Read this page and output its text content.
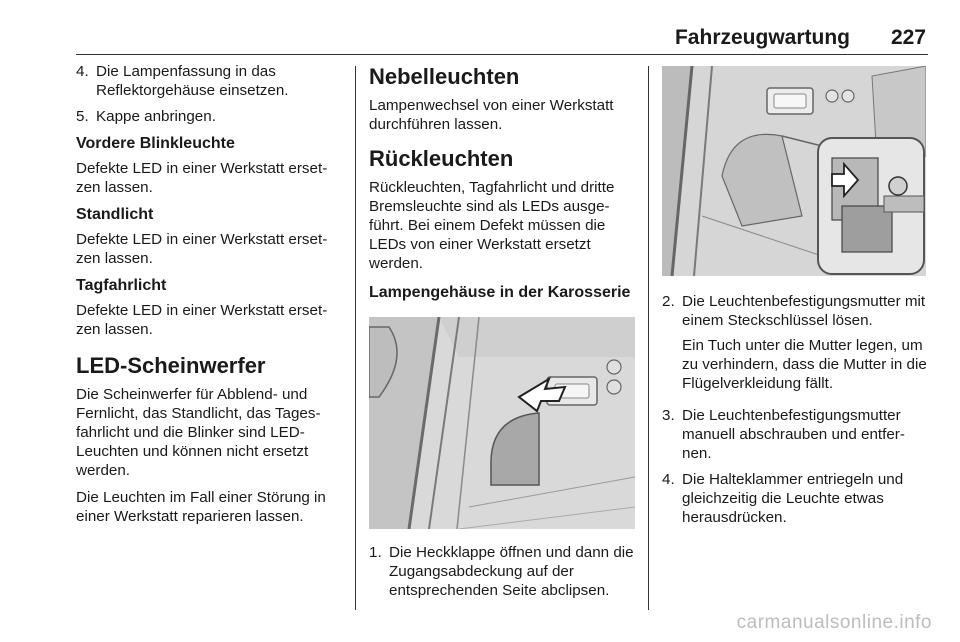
Fahrzeugwartung 227
4. Die Lampenfassung in das Reflektorgehäuse einsetzen.
5. Kappe anbringen.
Vordere Blinkleuchte

Defekte LED in einer Werkstatt erset-zen lassen.

Standlicht

Defekte LED in einer Werkstatt erset-zen lassen.

Tagfahrlicht

Defekte LED in einer Werkstatt erset-zen lassen.

LED-Scheinwerfer

Die Scheinwerfer für Abblend- und Fernlicht, das Standlicht, das Tages-fahrlicht und die Blinker sind LED-Leuchten und können nicht ersetzt werden.

Die Leuchten im Fall einer Störung in einer Werkstatt reparieren lassen.

Nebelleuchten

Lampenwechsel von einer Werkstatt durchführen lassen.

Rückleuchten

Rückleuchten, Tagfahrlicht und dritte Bremsleuchte sind als LEDs ausge-führt. Bei einem Defekt müssen die LEDs von einer Werkstatt ersetzt werden.

Lampengehäuse in der Karosserie
1. Die Heckklappe öffnen und dann die Zugangsabdeckung auf der entsprechenden Seite abclipsen.
2. Die Leuchtenbefestigungsmutter mit einem Steckschlüssel lösen.

Ein Tuch unter die Mutter legen, um zu verhindern, dass die Mutter in die Flügelverkleidung fällt.

3. Die Leuchtenbefestigungsmutter manuell abschrauben und entfer-nen.
4. Die Halteklammer entriegeln und gleichzeitig die Leuchte etwas herausdrücken.
carmanualsonline.info
